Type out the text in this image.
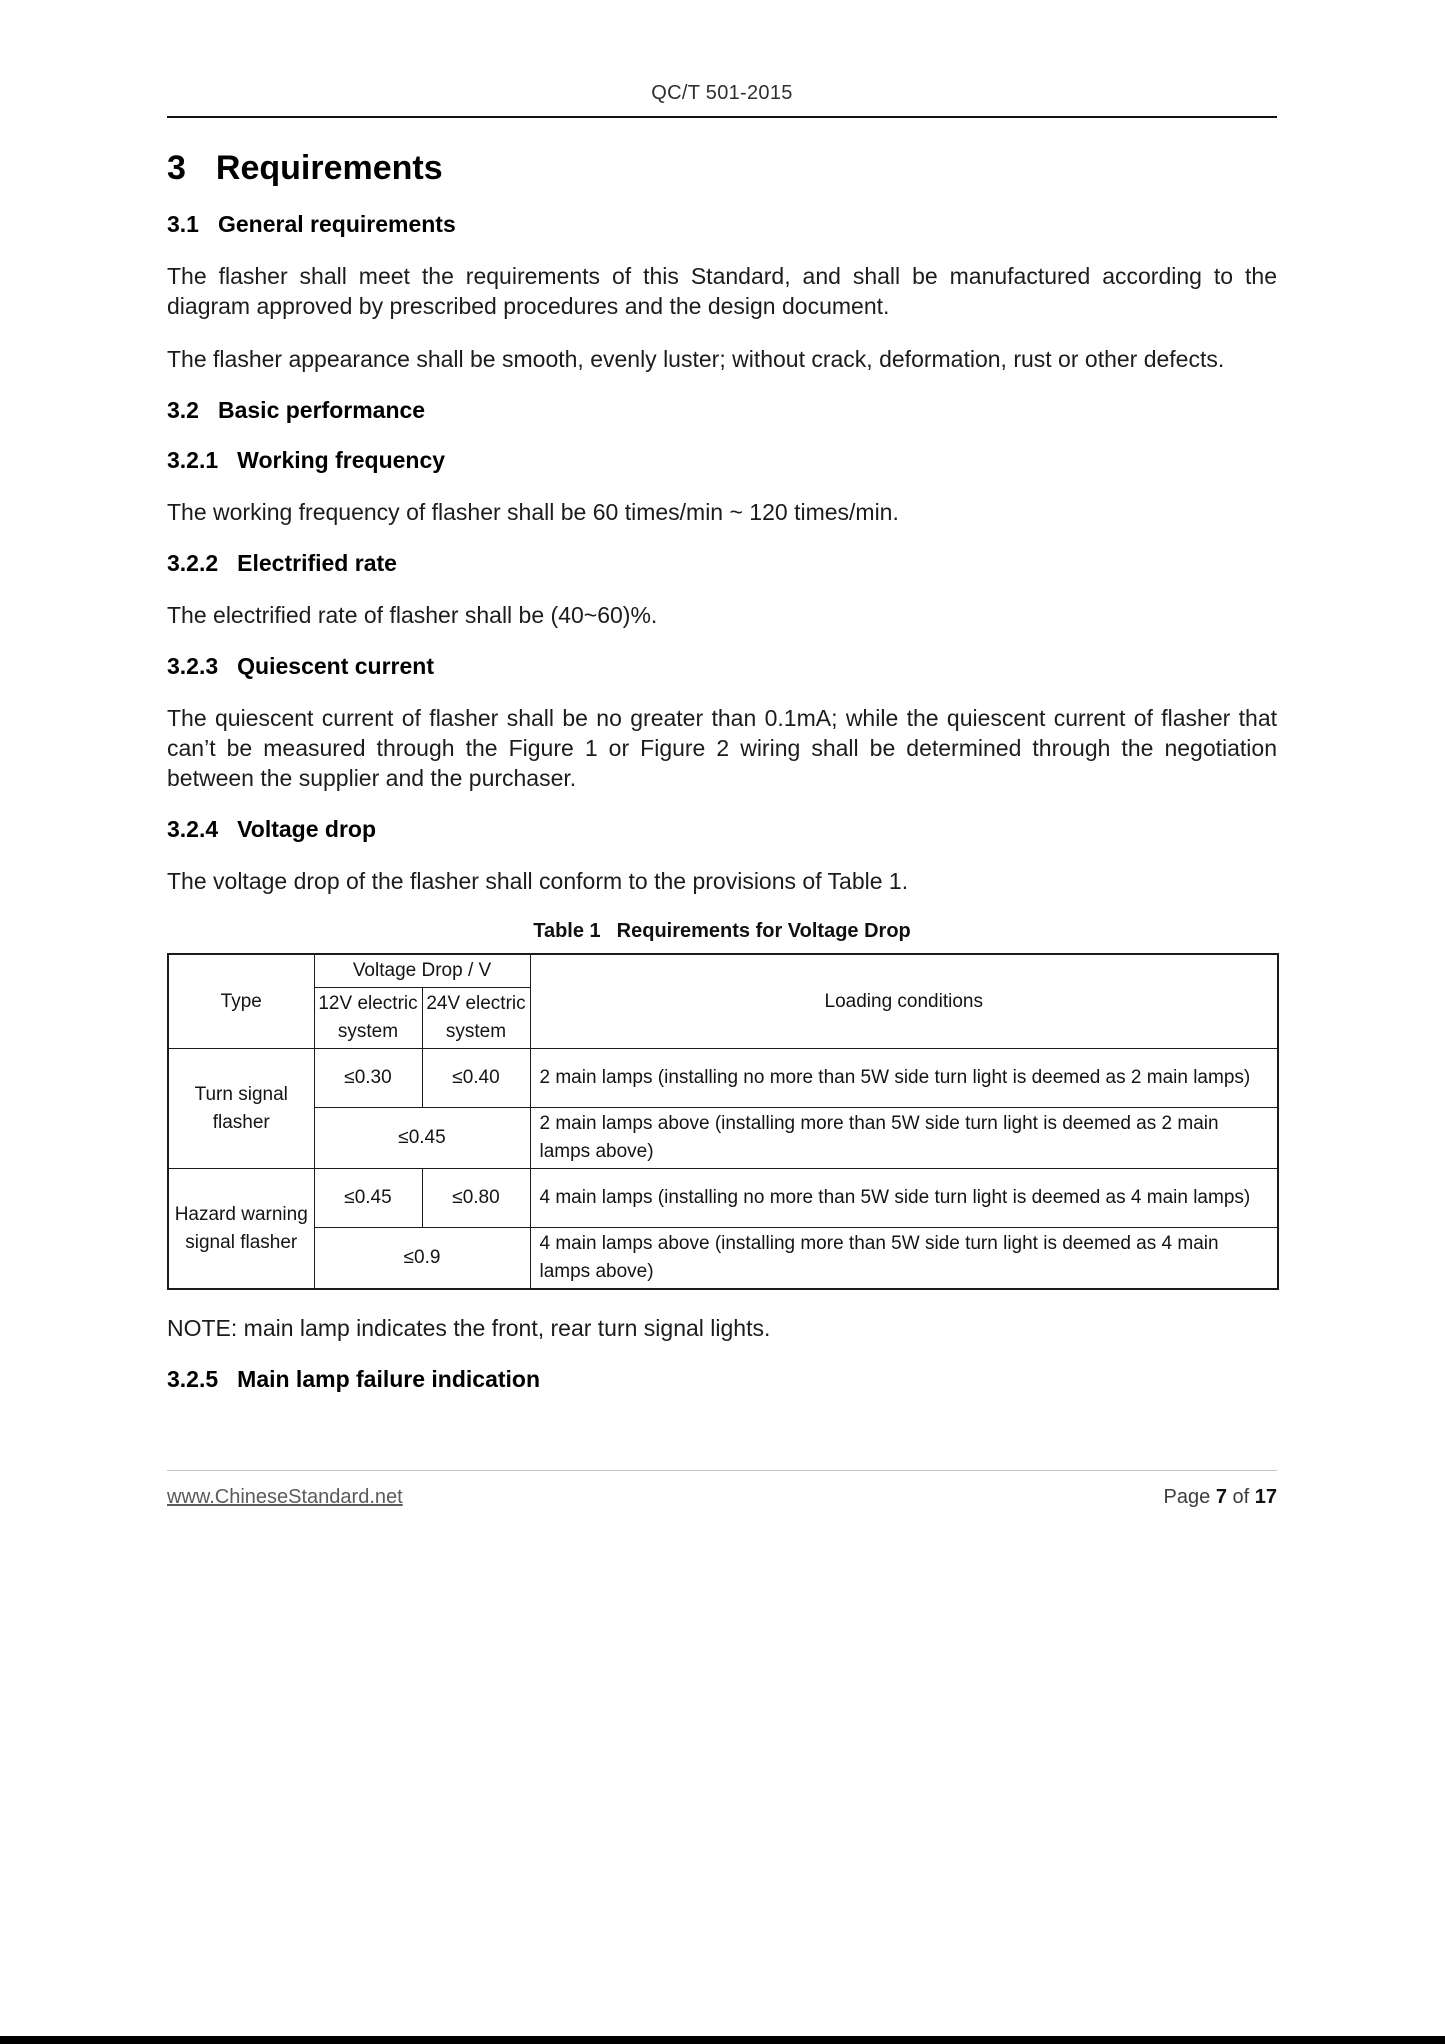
QC/T 501-2015
3 Requirements
3.1 General requirements

The flasher shall meet the requirements of this Standard, and shall be manufactured according to the diagram approved by prescribed procedures and the design document.

The flasher appearance shall be smooth, evenly luster; without crack, deformation, rust or other defects.

3.2 Basic performance
3.2.1 Working frequency

The working frequency of flasher shall be 60 times/min ~ 120 times/min.

3.2.2 Electrified rate

The electrified rate of flasher shall be (40~60)%.

3.2.3 Quiescent current

The quiescent current of flasher shall be no greater than 0.1mA; while the quiescent current of flasher that can’t be measured through the Figure 1 or Figure 2 wiring shall be determined through the negotiation between the supplier and the purchaser.

3.2.4 Voltage drop

The voltage drop of the flasher shall conform to the provisions of Table 1.

Table 1 Requirements for Voltage Drop
Type	Voltage Drop / V		Loading conditions
	12V electric system	24V electric system	
Turn signal flasher	≤0.30	≤0.40	2 main lamps (installing no more than 5W side turn light is deemed as 2 main lamps)
	≤0.45		2 main lamps above (installing more than 5W side turn light is deemed as 2 main lamps above)
Hazard warning signal flasher	≤0.45	≤0.80	4 main lamps (installing no more than 5W side turn light is deemed as 4 main lamps)
	≤0.9		4 main lamps above (installing more than 5W side turn light is deemed as 4 main lamps above)

NOTE: main lamp indicates the front, rear turn signal lights.

3.2.5 Main lamp failure indication
www.ChineseStandard.net	Page 7 of 17
